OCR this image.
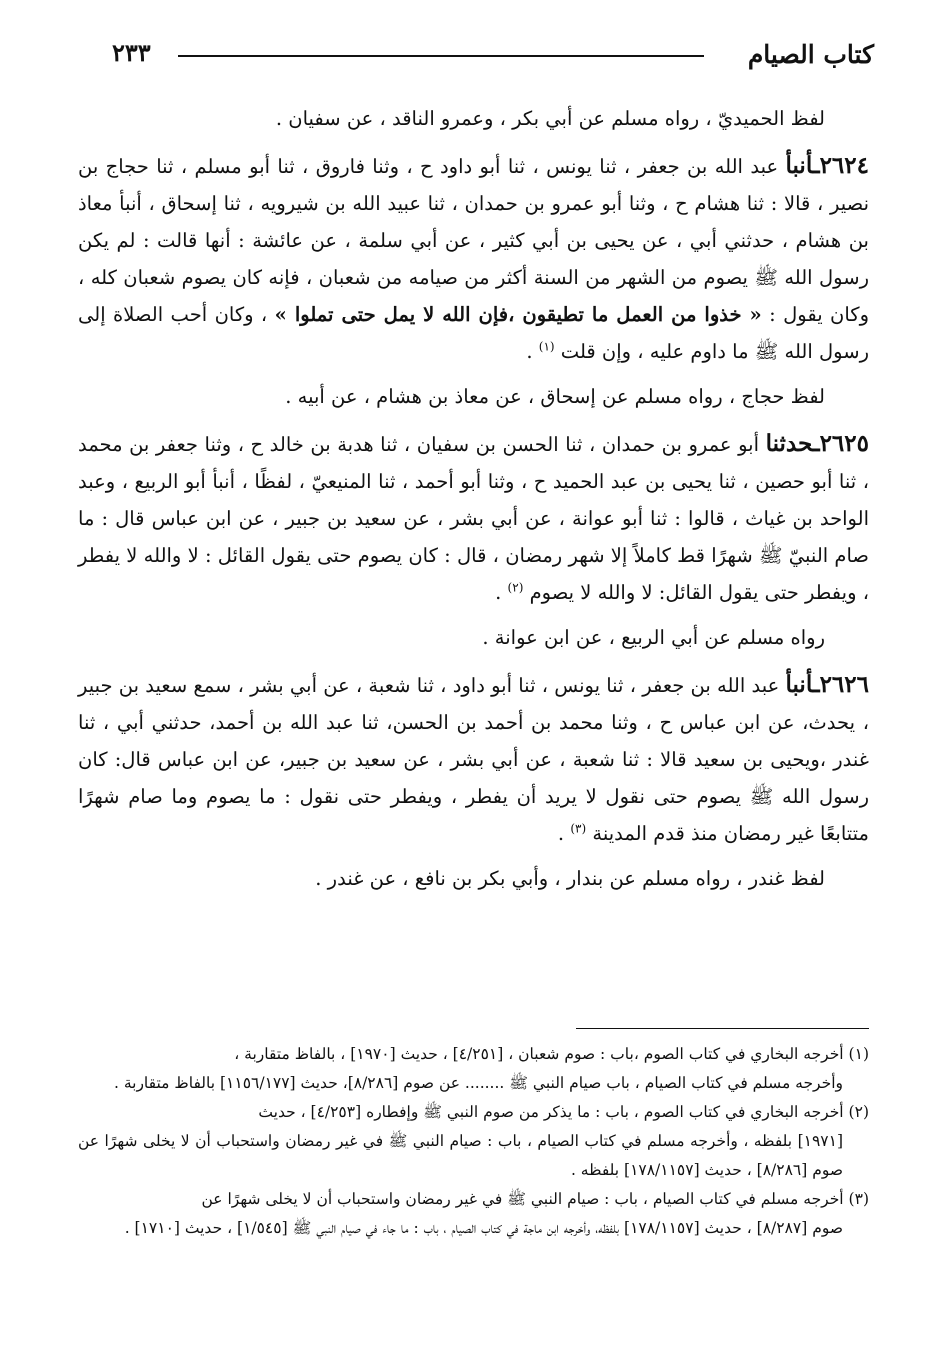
٢٣٣	كتاب الصيام

لفظ الحميديّ ، رواه مسلم عن أبي بكر ، وعمرو الناقد ، عن سفيان .

٢٦٢٤ـأنبأ عبد الله بن جعفر ، ثنا يونس ، ثنا أبو داود ح ، وثنا فاروق ، ثنا أبو مسلم ، ثنا حجاج بن نصير ، قالا : ثنا هشام ح ، وثنا أبو عمرو بن حمدان ، ثنا عبيد الله بن شيرويه ، ثنا إسحاق ، أنبأ معاذ بن هشام ، حدثني أبي ، عن يحيى بن أبي كثير ، عن أبي سلمة ، عن عائشة : أنها قالت : لم يكن رسول الله ﷺ يصوم من الشهر من السنة أكثر من صيامه من شعبان ، فإنه كان يصوم شعبان كله ، وكان يقول : « خذوا من العمل ما تطيقون ،فإن الله لا يمل حتى تملوا » ، وكان أحب الصلاة إلى رسول الله ﷺ ما داوم عليه ، وإن قلت $^{(١)}$ .

لفظ حجاج ، رواه مسلم عن إسحاق ، عن معاذ بن هشام ، عن أبيه .

٢٦٢٥ـحدثنا أبو عمرو بن حمدان ، ثنا الحسن بن سفيان ، ثنا هدبة بن خالد ح ، وثنا جعفر بن محمد ، ثنا أبو حصين ، ثنا يحيى بن عبد الحميد ح ، وثنا أبو أحمد ، ثنا المنيعيّ ، لفظًا ، أنبأ أبو الربيع ، وعبد الواحد بن غياث ، قالوا : ثنا أبو عوانة ، عن أبي بشر ، عن سعيد بن جبير ، عن ابن عباس قال : ما صام النبيّ ﷺ شهرًا قط كاملاً إلا شهر رمضان ، قال : كان يصوم حتى يقول القائل : لا والله لا يفطر ، ويفطر حتى يقول القائل: لا والله لا يصوم $^{(٢)}$ .

رواه مسلم عن أبي الربيع ، عن ابن عوانة .

٢٦٢٦ـأنبأ عبد الله بن جعفر ، ثنا يونس ، ثنا أبو داود ، ثنا شعبة ، عن أبي بشر ، سمع سعيد بن جبير ، يحدث، عن ابن عباس ح ، وثنا محمد بن أحمد بن الحسن، ثنا عبد الله بن أحمد، حدثني أبي ، ثنا غندر ،ويحيى بن سعيد قالا : ثنا شعبة ، عن أبي بشر ، عن سعيد بن جبير، عن ابن عباس قال: كان رسول الله ﷺ يصوم حتى نقول لا يريد أن يفطر ، ويفطر حتى نقول : ما يصوم وما صام شهرًا متتابعًا غير رمضان منذ قدم المدينة $^{(٣)}$ .

لفظ غندر ، رواه مسلم عن بندار ، وأبي بكر بن نافع ، عن غندر .

(١) أخرجه البخاري في كتاب الصوم ،باب : صوم شعبان ، [٤/٢٥١] ، حديث [١٩٧٠] ، بالفاظ متقاربة ،
وأخرجه مسلم في كتاب الصيام ، باب صيام النبي ﷺ ........ عن صوم [٨/٢٨٦]، حديث [١١٥٦/١٧٧] بالفاظ متقاربة .

(٢) أخرجه البخاري في كتاب الصوم ، باب : ما يذكر من صوم النبي ﷺ وإفطاره [٤/٢٥٣] ، حديث
[١٩٧١] بلفظه ، وأخرجه مسلم في كتاب الصيام ، باب : صيام النبي ﷺ في غير رمضان واستحباب أن لا يخلى شهرًا عن صوم [٨/٢٨٦] ، حديث [١٧٨/١١٥٧] بلفظه .

(٣) أخرجه مسلم في كتاب الصيام ، باب : صيام النبي ﷺ في غير رمضان واستحباب أن لا يخلى شهرًا عن
صوم [٨/٢٨٧] ، حديث [١٧٨/١١٥٧] بلفظه، وأخرجه ابن ماجة في كتاب الصيام ، باب : ما جاء في صيام النبي ﷺ [١/٥٤٥] ، حديث [١٧١٠] .
